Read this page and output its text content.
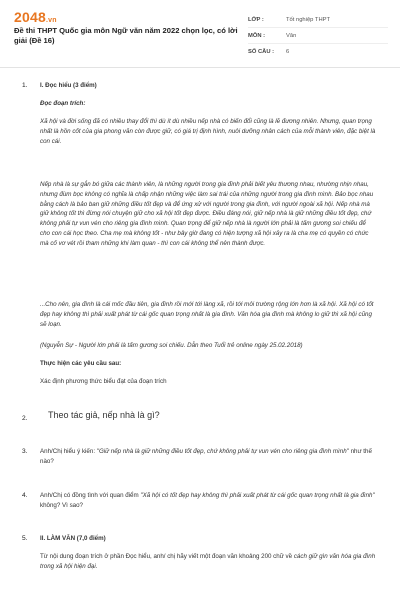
2048.vn
Đề thi THPT Quốc gia môn Ngữ văn năm 2022 chọn lọc, có lời giải (Đề 16)
LỚP :	Tốt nghiệp THPT
MÔN :	Văn
SỐ CÂU :	6
1. I. Đọc hiểu (3 điểm)
Đọc đoạn trích:

Xã hội và đời sống đã có nhiều thay đổi thì dù ít dù nhiều nếp nhà có biến đổi cũng là lẽ đương nhiên. Nhưng, quan trọng nhất là hồn cốt của gia phong văn còn được giữ, có giá trị định hình, nuôi dưỡng nhân cách của mỗi thành viên, đặc biệt là con cái.

Nếp nhà là sự gắn bó giữa các thành viên, là những người trong gia đình phải biết yêu thương nhau, nhường nhịn nhau, nhưng đùm bọc không có nghĩa là chấp nhận những việc làm sai trái của những người trong gia đình mình. Bảo bọc nhau bằng cách là bảo ban giữ những điều tốt đẹp và để ứng xử với người trong gia đình, với người ngoài xã hội. Nếp nhà mà giữ không tốt thì đừng nói chuyện giữ cho xã hội tốt đẹp được. Điều đáng nói, giữ nếp nhà là giữ những điều tốt đẹp, chứ không phải tự vun vén cho riêng gia đình mình. Quan trọng để giữ nếp nhà là người lớn phải là tấm gương soi chiếu để cho con cái học theo. Cha mẹ mà không tốt - như bây giờ đang có hiện tượng xã hội xảy ra là cha mẹ có quyền có chức mà cố vơ vét rồi tham những khi làm quan - thì con cái không thể nên thành được.

...Cho nên, gia đình là cái mốc đầu tiên, gia đình rồi mới tới làng xã, rồi tới môi trường rộng lớn hơn là xã hội. Xã hội có tốt đẹp hay không thì phải xuất phát từ cái gốc quan trọng nhất là gia đình. Văn hóa gia đình mà không lo giữ thì xã hội cũng sẽ loạn.

(Nguyễn Sự - Người lớn phải là tấm gương soi chiếu. Dẫn theo Tuổi trẻ online ngày 25.02.2018)

Thực hiện các yêu cầu sau:
Xác định phương thức biểu đạt của đoạn trích
2. Theo tác giả, nếp nhà là gì?
3. Anh/Chị hiểu ý kiến: "Giữ nếp nhà là giữ những điều tốt đẹp, chứ không phải tự vun vén cho riêng gia đình mình" như thế nào?

4. Anh/Chị có đồng tình với quan điểm "Xã hội có tốt đẹp hay không thì phải xuất phát từ cái gốc quan trọng nhất là gia đình" không? Vì sao?

5. II. LÀM VĂN (7,0 điểm)

Từ nội dung đoạn trích ở phần Đọc hiểu, anh/ chị hãy viết một đoạn văn khoảng 200 chữ về cách giữ gìn văn hóa gia đình trong xã hội hiện đại.
